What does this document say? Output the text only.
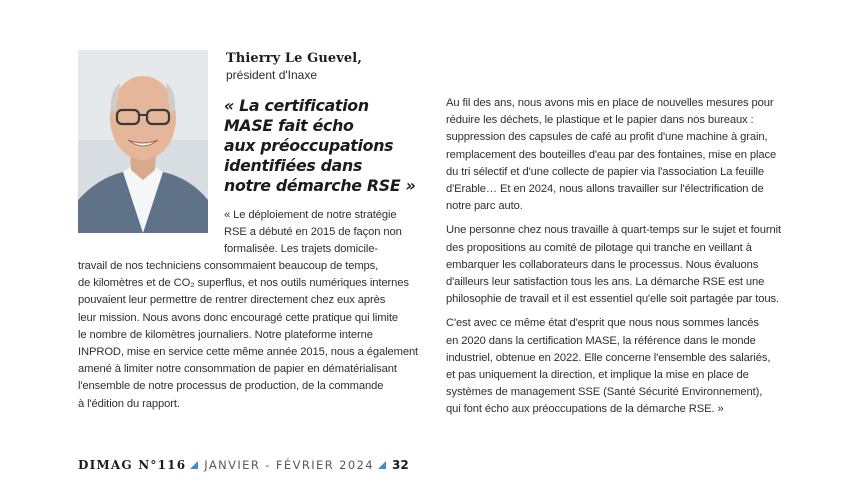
Thierry Le Guevel,
président d'Inaxe
« La certification
MASE fait écho
aux préoccupations
identifiées dans
notre démarche RSE »
« Le déploiement de notre stratégie
RSE a débuté en 2015 de façon non
formalisée. Les trajets domicile-
travail de nos techniciens consommaient beaucoup de temps,
de kilomètres et de CO₂ superflus, et nos outils numériques internes
pouvaient leur permettre de rentrer directement chez eux après
leur mission. Nous avons donc encouragé cette pratique qui limite
le nombre de kilomètres journaliers. Notre plateforme interne
INPROD, mise en service cette même année 2015, nous a également
amené à limiter notre consommation de papier en dématérialisant
l'ensemble de notre processus de production, de la commande
à l'édition du rapport.
Au fil des ans, nous avons mis en place de nouvelles mesures pour
réduire les déchets, le plastique et le papier dans nos bureaux :
suppression des capsules de café au profit d'une machine à grain,
remplacement des bouteilles d'eau par des fontaines, mise en place
du tri sélectif et d'une collecte de papier via l'association La feuille
d'Erable… Et en 2024, nous allons travailler sur l'électrification de
notre parc auto.
Une personne chez nous travaille à quart-temps sur le sujet et fournit
des propositions au comité de pilotage qui tranche en veillant à
embarquer les collaborateurs dans le processus. Nous évaluons
d'ailleurs leur satisfaction tous les ans. La démarche RSE est une
philosophie de travail et il est essentiel qu'elle soit partagée par tous.
C'est avec ce même état d'esprit que nous nous sommes lancés
en 2020 dans la certification MASE, la référence dans le monde
industriel, obtenue en 2022. Elle concerne l'ensemble des salariés,
et pas uniquement la direction, et implique la mise en place de
systèmes de management SSE (Santé Sécurité Environnement),
qui font écho aux préoccupations de la démarche RSE. »
DIMAG N°116 JANVIER - FÉVRIER 2024 32
